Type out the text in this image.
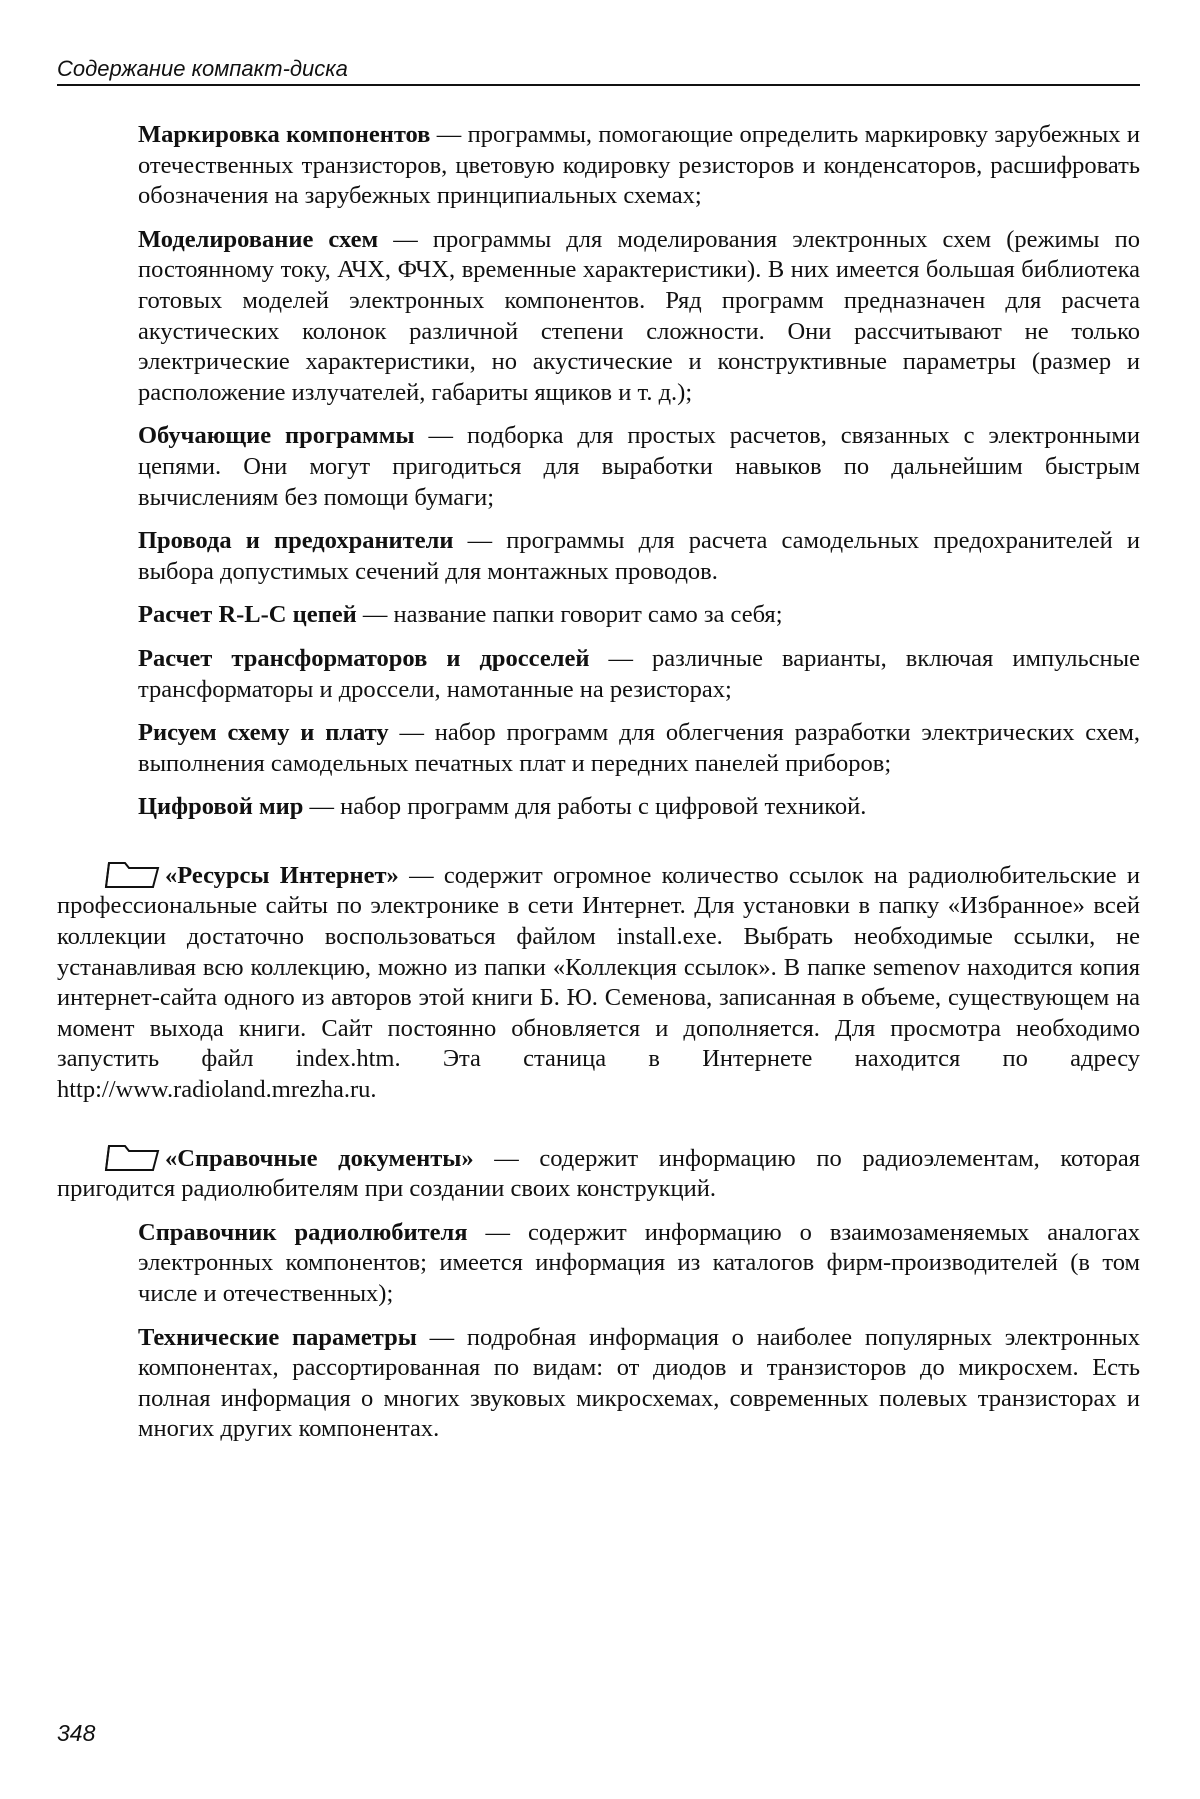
Содержание компакт-диска

Маркировка компонентов — программы, помогающие определить маркировку зарубежных и отечественных транзисторов, цветовую кодировку резисторов и конденсаторов, расшифровать обозначения на зарубежных принципиальных схемах;

Моделирование схем — программы для моделирования электронных схем (режимы по постоянному току, АЧХ, ФЧХ, временные характеристики). В них имеется большая библиотека готовых моделей электронных компонентов. Ряд программ предназначен для расчета акустических колонок различной степени сложности. Они рассчитывают не только электрические характеристики, но акустические и конструктивные параметры (размер и расположение излучателей, габариты ящиков и т. д.);

Обучающие программы — подборка для простых расчетов, связанных с электронными цепями. Они могут пригодиться для выработки навыков по дальнейшим быстрым вычислениям без помощи бумаги;

Провода и предохранители — программы для расчета самодельных предохранителей и выбора допустимых сечений для монтажных проводов.

Расчет R-L-C цепей — название папки говорит само за себя;

Расчет трансформаторов и дросселей — различные варианты, включая импульсные трансформаторы и дроссели, намотанные на резисторах;

Рисуем схему и плату — набор программ для облегчения разработки электрических схем, выполнения самодельных печатных плат и передних панелей приборов;

Цифровой мир — набор программ для работы с цифровой техникой.

«Ресурсы Интернет» — содержит огромное количество ссылок на радиолюбительские и профессиональные сайты по электронике в сети Интернет. Для установки в папку «Избранное» всей коллекции достаточно воспользоваться файлом install.exe. Выбрать необходимые ссылки, не устанавливая всю коллекцию, можно из папки «Коллекция ссылок». В папке semenov находится копия интернет-сайта одного из авторов этой книги Б. Ю. Семенова, записанная в объеме, существующем на момент выхода книги. Сайт постоянно обновляется и дополняется. Для просмотра необходимо запустить файл index.htm. Эта станица в Интернете находится по адресу http://www.radioland.mrezha.ru.

«Справочные документы» — содержит информацию по радиоэлементам, которая пригодится радиолюбителям при создании своих конструкций.

Справочник радиолюбителя — содержит информацию о взаимозаменяемых аналогах электронных компонентов; имеется информация из каталогов фирм-производителей (в том числе и отечественных);

Технические параметры — подробная информация о наиболее популярных электронных компонентах, рассортированная по видам: от диодов и транзисторов до микросхем. Есть полная информация о многих звуковых микросхемах, современных полевых транзисторах и многих других компонентах.

348
